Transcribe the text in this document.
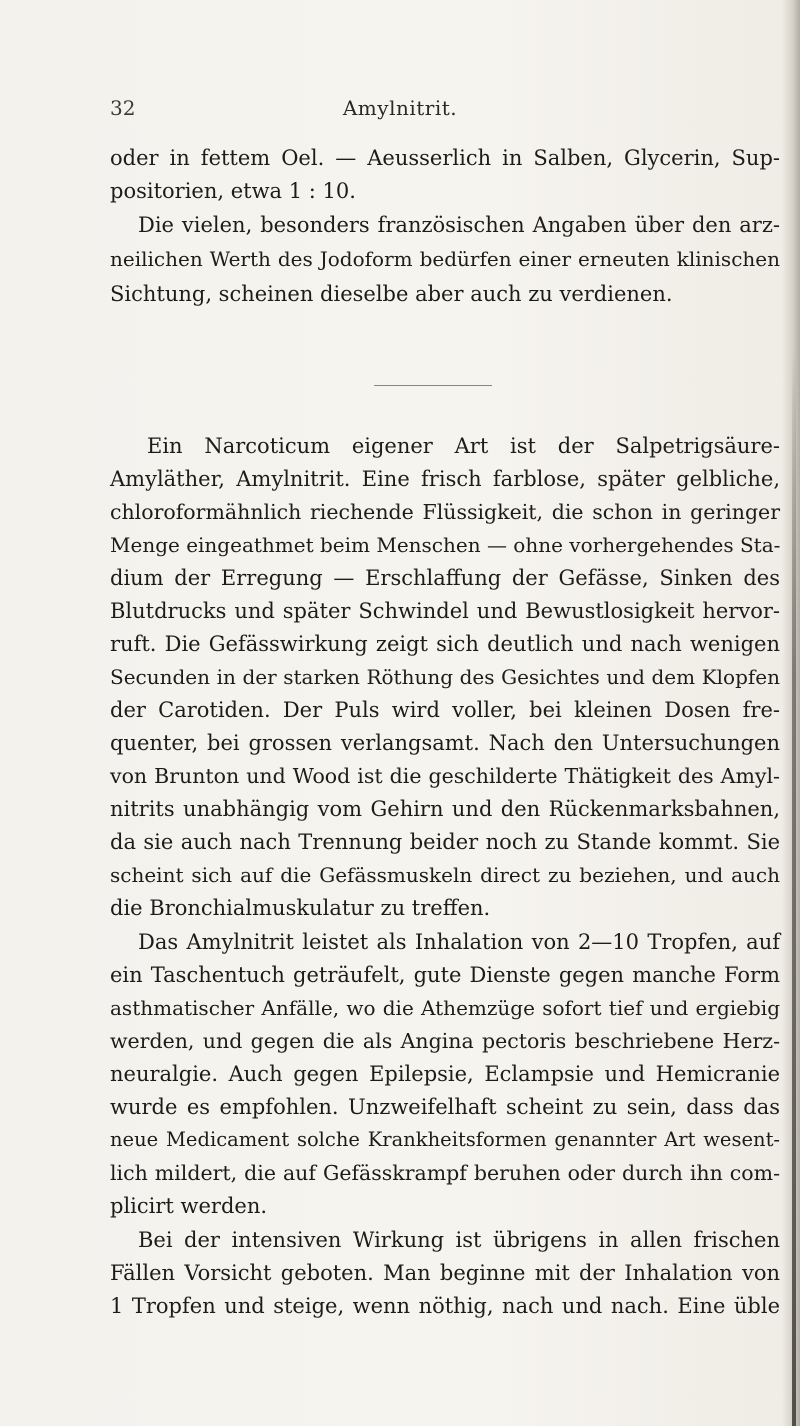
32	Amylnitrit.
oder in fettem Oel. — Aeusserlich in Salben, Glycerin, Sup-
positorien, etwa 1 : 10.
Die vielen, besonders französischen Angaben über den arz-
neilichen Werth des Jodoform bedürfen einer erneuten klinischen
Sichtung, scheinen dieselbe aber auch zu verdienen.
Ein Narcoticum eigener Art ist der Salpetrigsäure-
Amyläther, Amylnitrit. Eine frisch farblose, später gelbliche,
chloroformähnlich riechende Flüssigkeit, die schon in geringer
Menge eingeathmet beim Menschen — ohne vorhergehendes Sta-
dium der Erregung — Erschlaffung der Gefässe, Sinken des
Blutdrucks und später Schwindel und Bewustlosigkeit hervor-
ruft. Die Gefässwirkung zeigt sich deutlich und nach wenigen
Secunden in der starken Röthung des Gesichtes und dem Klopfen
der Carotiden. Der Puls wird voller, bei kleinen Dosen fre-
quenter, bei grossen verlangsamt. Nach den Untersuchungen
von Brunton und Wood ist die geschilderte Thätigkeit des Amyl-
nitrits unabhängig vom Gehirn und den Rückenmarksbahnen,
da sie auch nach Trennung beider noch zu Stande kommt. Sie
scheint sich auf die Gefässmuskeln direct zu beziehen, und auch
die Bronchialmuskulatur zu treffen.
Das Amylnitrit leistet als Inhalation von 2—10 Tropfen, auf
ein Taschentuch geträufelt, gute Dienste gegen manche Form
asthmatischer Anfälle, wo die Athemzüge sofort tief und ergiebig
werden, und gegen die als Angina pectoris beschriebene Herz-
neuralgie. Auch gegen Epilepsie, Eclampsie und Hemicranie
wurde es empfohlen. Unzweifelhaft scheint zu sein, dass das
neue Medicament solche Krankheitsformen genannter Art wesent-
lich mildert, die auf Gefässkrampf beruhen oder durch ihn com-
plicirt werden.
Bei der intensiven Wirkung ist übrigens in allen frischen
Fällen Vorsicht geboten. Man beginne mit der Inhalation von
1 Tropfen und steige, wenn nöthig, nach und nach. Eine üble
